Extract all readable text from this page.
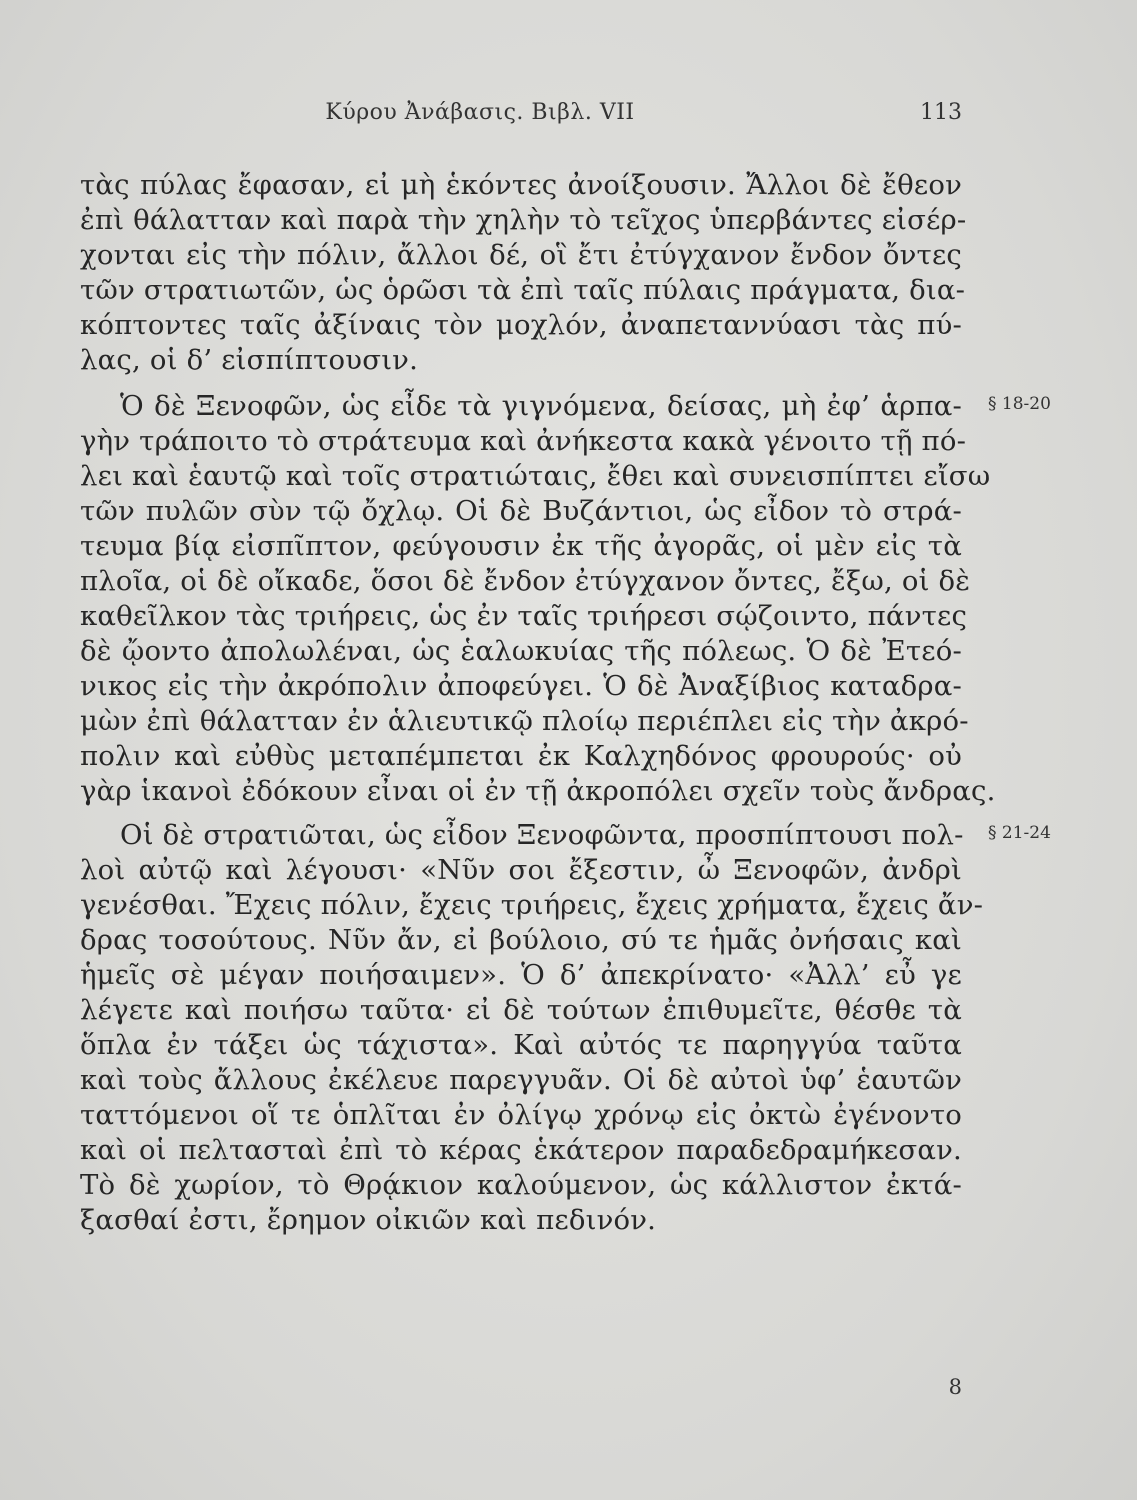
Κύρου Ἀνάβασις. Βιβλ. VII	113
τὰς πύλας ἔφασαν, εἰ μὴ ἑκόντες ἀνοίξουσιν. Ἄλλοι δὲ ἔθεον
ἐπὶ θάλατταν καὶ παρὰ τὴν χηλὴν τὸ τεῖχος ὑπερβάντες εἰσέρ-
χονται εἰς τὴν πόλιν, ἄλλοι δέ, οἳ ἔτι ἐτύγχανον ἔνδον ὄντες
τῶν στρατιωτῶν, ὡς ὁρῶσι τὰ ἐπὶ ταῖς πύλαις πράγματα, δια-
κόπτοντες ταῖς ἀξίναις τὸν μοχλόν, ἀναπεταννύασι τὰς πύ-
λας, οἱ δ’ εἰσπίπτουσιν.
Ὁ δὲ Ξενοφῶν, ὡς εἶδε τὰ γιγνόμενα, δείσας, μὴ ἐφ’ ἁρπα-
γὴν τράποιτο τὸ στράτευμα καὶ ἀνήκεστα κακὰ γένοιτο τῇ πό-
λει καὶ ἑαυτῷ καὶ τοῖς στρατιώταις, ἔθει καὶ συνεισπίπτει εἴσω
τῶν πυλῶν σὺν τῷ ὄχλῳ. Οἱ δὲ Βυζάντιοι, ὡς εἶδον τὸ στρά-
τευμα βίᾳ εἰσπῖπτον, φεύγουσιν ἐκ τῆς ἀγορᾶς, οἱ μὲν εἰς τὰ
πλοῖα, οἱ δὲ οἴκαδε, ὅσοι δὲ ἔνδον ἐτύγχανον ὄντες, ἔξω, οἱ δὲ
καθεῖλκον τὰς τριήρεις, ὡς ἐν ταῖς τριήρεσι σῴζοιντο, πάντες
δὲ ᾤοντο ἀπολωλέναι, ὡς ἑαλωκυίας τῆς πόλεως. Ὁ δὲ Ἐτεό-
νικος εἰς τὴν ἀκρόπολιν ἀποφεύγει. Ὁ δὲ Ἀναξίβιος καταδρα-
μὼν ἐπὶ θάλατταν ἐν ἁλιευτικῷ πλοίῳ περιέπλει εἰς τὴν ἀκρό-
πολιν καὶ εὐθὺς μεταπέμπεται ἐκ Καλχηδόνος φρουρούς· οὐ
γὰρ ἱκανοὶ ἐδόκουν εἶναι οἱ ἐν τῇ ἀκροπόλει σχεῖν τοὺς ἄνδρας.
Οἱ δὲ στρατιῶται, ὡς εἶδον Ξενοφῶντα, προσπίπτουσι πολ-
λοὶ αὐτῷ καὶ λέγουσι· «Νῦν σοι ἔξεστιν, ὦ Ξενοφῶν, ἀνδρὶ
γενέσθαι. Ἔχεις πόλιν, ἔχεις τριήρεις, ἔχεις χρήματα, ἔχεις ἄν-
δρας τοσούτους. Νῦν ἄν, εἰ βούλοιο, σύ τε ἡμᾶς ὀνήσαις καὶ
ἡμεῖς σὲ μέγαν ποιήσαιμεν». Ὁ δ’ ἀπεκρίνατο· «Ἀλλ’ εὖ γε
λέγετε καὶ ποιήσω ταῦτα· εἰ δὲ τούτων ἐπιθυμεῖτε, θέσθε τὰ
ὅπλα ἐν τάξει ὡς τάχιστα». Καὶ αὐτός τε παρηγγύα ταῦτα
καὶ τοὺς ἄλλους ἐκέλευε παρεγγυᾶν. Οἱ δὲ αὐτοὶ ὑφ’ ἑαυτῶν
ταττόμενοι οἵ τε ὁπλῖται ἐν ὀλίγῳ χρόνῳ εἰς ὀκτὼ ἐγένοντο
καὶ οἱ πελτασταὶ ἐπὶ τὸ κέρας ἑκάτερον παραδεδραμήκεσαν.
Τὸ δὲ χωρίον, τὸ Θρᾴκιον καλούμενον, ὡς κάλλιστον ἐκτά-
ξασθαί ἐστι, ἔρημον οἰκιῶν καὶ πεδινόν.
§ 18-20
§ 21-24
8
